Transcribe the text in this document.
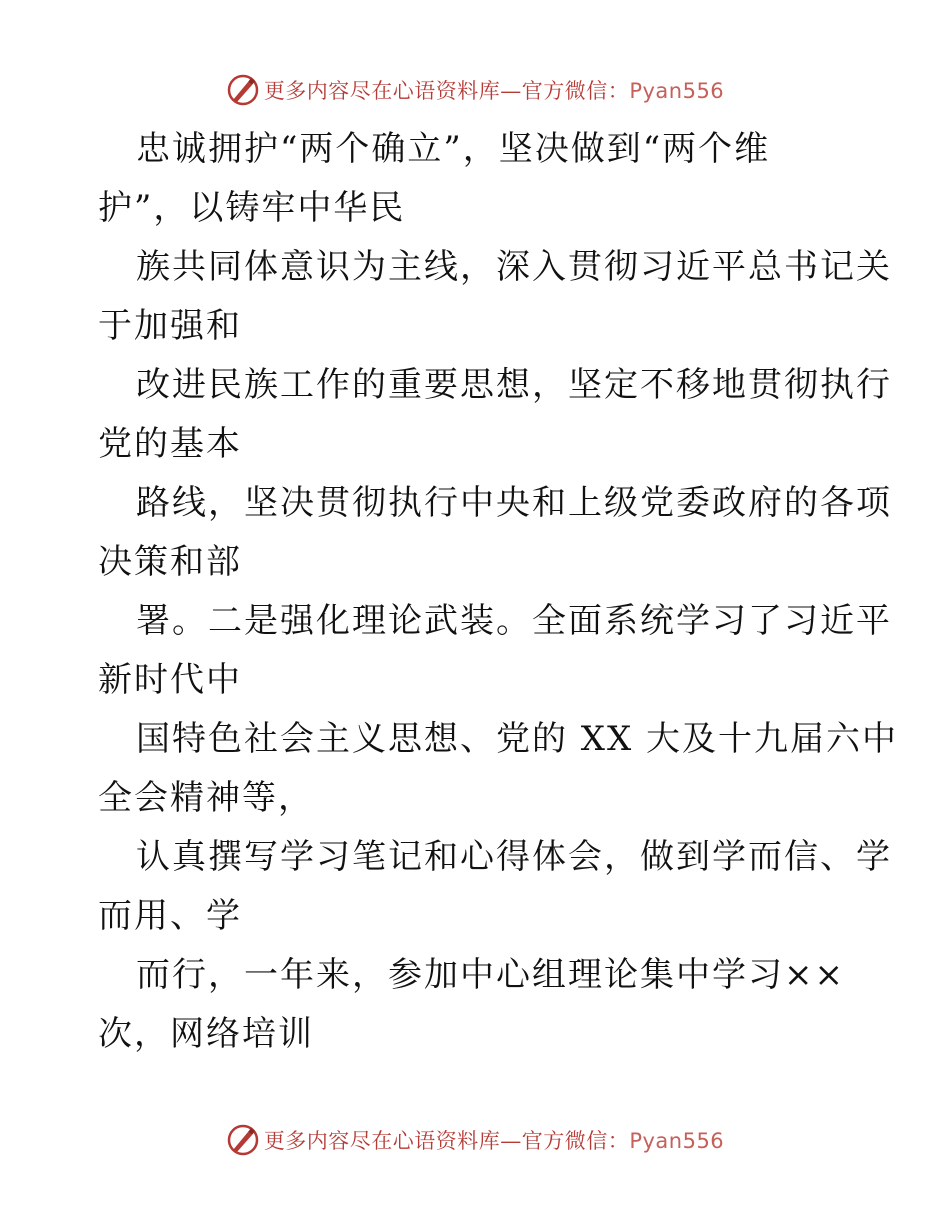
更多内容尽在心语资料库—官方微信：Pyan556
忠诚拥护“两个确立”，坚决做到“两个维
护”，以铸牢中华民
族共同体意识为主线，深入贯彻习近平总书记关
于加强和
改进民族工作的重要思想，坚定不移地贯彻执行
党的基本
路线，坚决贯彻执行中央和上级党委政府的各项
决策和部
署。二是强化理论武装。全面系统学习了习近平
新时代中
国特色社会主义思想、党的 XX 大及十九届六中
全会精神等，
认真撰写学习笔记和心得体会，做到学而信、学
而用、学
而行，一年来，参加中心组理论集中学习××
次，网络培训
更多内容尽在心语资料库—官方微信：Pyan556
